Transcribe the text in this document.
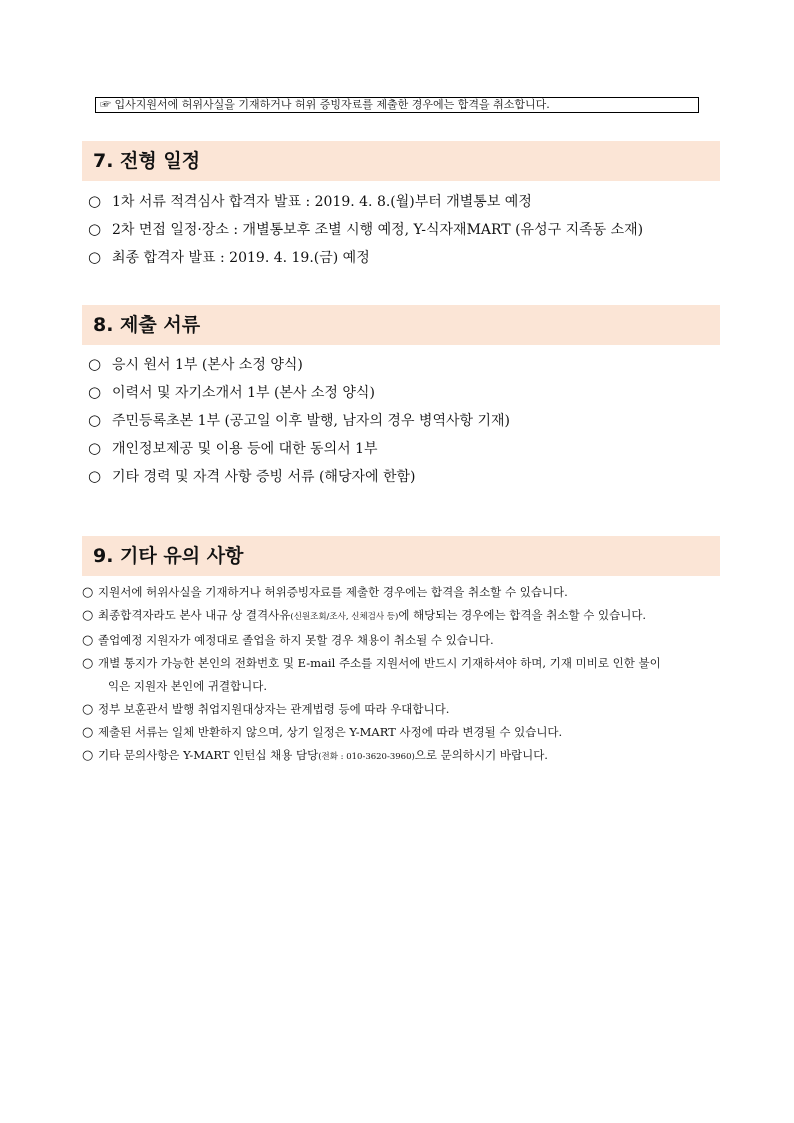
☞ 입사지원서에 허위사실을 기재하거나 허위 증빙자료를 제출한 경우에는 합격을 취소합니다.
7. 전형 일정
○ 1차 서류 적격심사 합격자 발표 : 2019. 4. 8.(월)부터 개별통보 예정
○ 2차 면접 일정·장소 : 개별통보후 조별 시행 예정, Y-식자재MART (유성구 지족동 소재)
○ 최종 합격자 발표 : 2019. 4. 19.(금) 예정
8. 제출 서류
○ 응시 원서 1부 (본사 소정 양식)
○ 이력서 및 자기소개서 1부 (본사 소정 양식)
○ 주민등록초본 1부 (공고일 이후 발행, 남자의 경우 병역사항 기재)
○ 개인정보제공 및 이용 등에 대한 동의서 1부
○ 기타 경력 및 자격 사항 증빙 서류 (해당자에 한함)
9. 기타 유의 사항
○ 지원서에 허위사실을 기재하거나 허위증빙자료를 제출한 경우에는 합격을 취소할 수 있습니다.
○ 최종합격자라도 본사 내규 상 결격사유(신원조회/조사, 신체검사 등)에 해당되는 경우에는 합격을 취소할 수 있습니다.
○ 졸업예정 지원자가 예정대로 졸업을 하지 못할 경우 채용이 취소될 수 있습니다.
○ 개별 통지가 가능한 본인의 전화번호 및 E-mail 주소를 지원서에 반드시 기재하셔야 하며, 기재 미비로 인한 불이
익은 지원자 본인에 귀결합니다.
○ 정부 보훈관서 발행 취업지원대상자는 관계법령 등에 따라 우대합니다.
○ 제출된 서류는 일체 반환하지 않으며, 상기 일정은 Y-MART 사정에 따라 변경될 수 있습니다.
○ 기타 문의사항은 Y-MART 인턴십 채용 담당(전화 : 010-3620-3960)으로 문의하시기 바랍니다.
